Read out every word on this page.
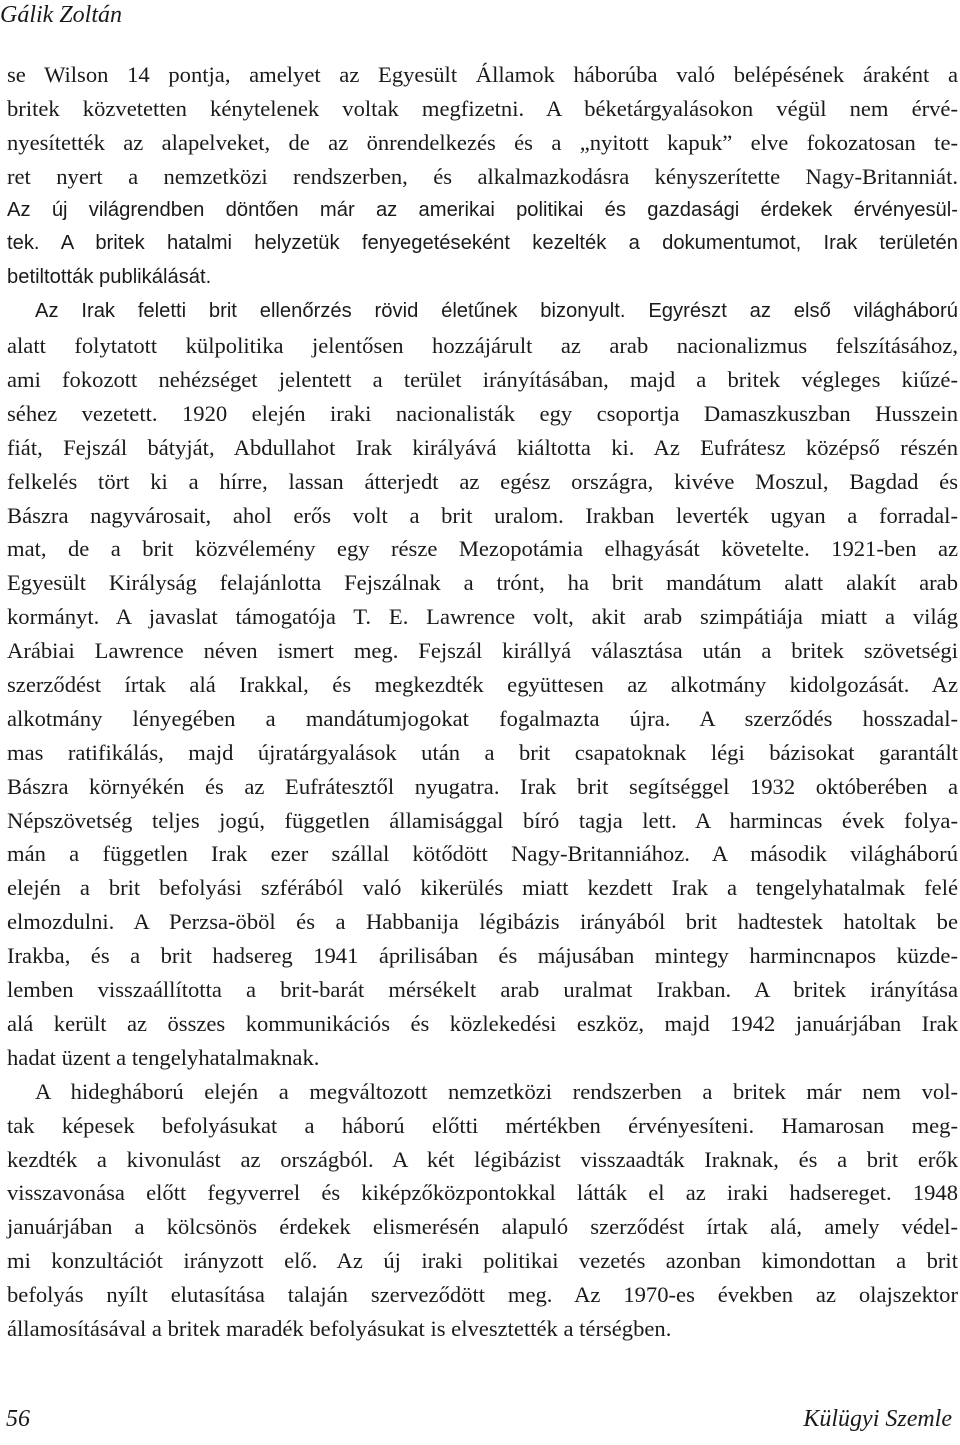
Gálik Zoltán
se Wilson 14 pontja, amelyet az Egyesült Államok háborúba való belépésének áraként a
britek közvetetten kénytelenek voltak megfizetni. A béketárgyalásokon végül nem érvé-
nyesítették az alapelveket, de az önrendelkezés és a „nyitott kapuk” elve fokozatosan te-
ret nyert a nemzetközi rendszerben, és alkalmazkodásra kényszerítette Nagy-Britanniát.
Az új világrendben döntően már az amerikai politikai és gazdasági érdekek érvényesül-
tek. A britek hatalmi helyzetük fenyegetéseként kezelték a dokumentumot, Irak területén
betiltották publikálását.
Az Irak feletti brit ellenőrzés rövid életűnek bizonyult. Egyrészt az első világháború
alatt folytatott külpolitika jelentősen hozzájárult az arab nacionalizmus felszításához,
ami fokozott nehézséget jelentett a terület irányításában, majd a britek végleges kiűzé-
séhez vezetett. 1920 elején iraki nacionalisták egy csoportja Damaszkuszban Husszein
fiát, Fejszál bátyját, Abdullahot Irak királyává kiáltotta ki. Az Eufrátesz középső részén
felkelés tört ki a hírre, lassan átterjedt az egész országra, kivéve Moszul, Bagdad és
Bászra nagyvárosait, ahol erős volt a brit uralom. Irakban leverték ugyan a forradal-
mat, de a brit közvélemény egy része Mezopotámia elhagyását követelte. 1921-ben az
Egyesült Királyság felajánlotta Fejszálnak a trónt, ha brit mandátum alatt alakít arab
kormányt. A javaslat támogatója T. E. Lawrence volt, akit arab szimpátiája miatt a világ
Arábiai Lawrence néven ismert meg. Fejszál királlyá választása után a britek szövetségi
szerződést írtak alá Irakkal, és megkezdték együttesen az alkotmány kidolgozását. Az
alkotmány lényegében a mandátumjogokat fogalmazta újra. A szerződés hosszadal-
mas ratifikálás, majd újratárgyalások után a brit csapatoknak légi bázisokat garantált
Bászra környékén és az Eufrátesztől nyugatra. Irak brit segítséggel 1932 októberében a
Népszövetség teljes jogú, független államisággal bíró tagja lett. A harmincas évek folya-
mán a független Irak ezer szállal kötődött Nagy-Britanniához. A második világháború
elején a brit befolyási szférából való kikerülés miatt kezdett Irak a tengelyhatalmak felé
elmozdulni. A Perzsa-öböl és a Habbanija légibázis irányából brit hadtestek hatoltak be
Irakba, és a brit hadsereg 1941 áprilisában és májusában mintegy harmincnapos küzde-
lemben visszaállította a brit-barát mérsékelt arab uralmat Irakban. A britek irányítása
alá került az összes kommunikációs és közlekedési eszköz, majd 1942 januárjában Irak
hadat üzent a tengelyhatalmaknak.
A hidegháború elején a megváltozott nemzetközi rendszerben a britek már nem vol-
tak képesek befolyásukat a háború előtti mértékben érvényesíteni. Hamarosan meg-
kezdték a kivonulást az országból. A két légibázist visszaadták Iraknak, és a brit erők
visszavonása előtt fegyverrel és kiképzőközpontokkal látták el az iraki hadsereget. 1948
januárjában a kölcsönös érdekek elismerésén alapuló szerződést írtak alá, amely védel-
mi konzultációt irányzott elő. Az új iraki politikai vezetés azonban kimondottan a brit
befolyás nyílt elutasítása talaján szerveződött meg. Az 1970-es években az olajszektor
államosításával a britek maradék befolyásukat is elvesztették a térségben.
56	Külügyi Szemle
